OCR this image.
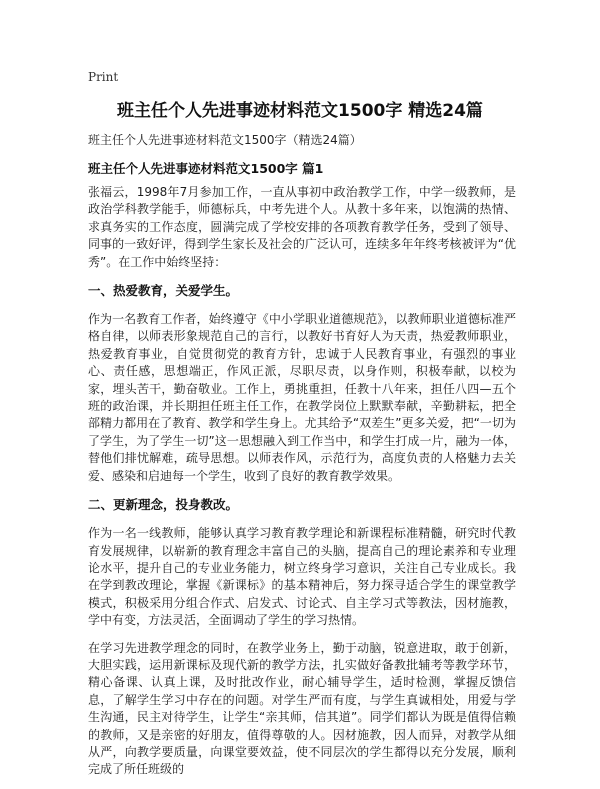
Print
班主任个人先进事迹材料范文1500字 精选24篇
班主任个人先进事迹材料范文1500字（精选24篇）
班主任个人先进事迹材料范文1500字 篇1

张福云，1998年7月参加工作，一直从事初中政治教学工作，中学一级教师，是政治学科教学能手，师德标兵，中考先进个人。从教十多年来，以饱满的热情、求真务实的工作态度，圆满完成了学校安排的各项教育教学任务，受到了领导、同事的一致好评，得到学生家长及社会的广泛认可，连续多年年终考核被评为“优秀”。在工作中始终坚持：

一、热爱教育，关爱学生。

作为一名教育工作者，始终遵守《中小学职业道德规范》，以教师职业道德标准严格自律，以师表形象规范自己的言行，以教好书育好人为天责，热爱教师职业，热爱教育事业，自觉贯彻党的教育方针，忠诚于人民教育事业，有强烈的事业心、责任感，思想端正，作风正派，尽职尽责，以身作则，积极奉献，以校为家，埋头苦干，勤奋敬业。工作上，勇挑重担，任教十八年来，担任八四—五个班的政治课，并长期担任班主任工作，在教学岗位上默默奉献，辛勤耕耘，把全部精力都用在了教育、教学和学生身上。尤其给予“双差生”更多关爱，把“一切为了学生，为了学生一切”这一思想融入到工作当中，和学生打成一片，融为一体，替他们排忧解难，疏导思想。以师表作风，示范行为，高度负责的人格魅力去关爱、感染和启迪每一个学生，收到了良好的教育教学效果。

二、更新理念，投身教改。

作为一名一线教师，能够认真学习教育教学理论和新课程标准精髓，研究时代教育发展规律，以崭新的教育理念丰富自己的头脑，提高自己的理论素养和专业理论水平，提升自己的专业业务能力，树立终身学习意识，关注自己专业成长。我在学到教改理论，掌握《新课标》的基本精神后，努力探寻适合学生的课堂教学模式，积极采用分组合作式、启发式、讨论式、自主学习式等教法，因材施教，学中有变，方法灵活，全面调动了学生的学习热情。

在学习先进教学理念的同时，在教学业务上，勤于动脑，锐意进取，敢于创新，大胆实践，运用新课标及现代新的教学方法，扎实做好备教批辅考等教学环节，精心备课、认真上课，及时批改作业，耐心辅导学生，适时检测，掌握反馈信息，了解学生学习中存在的问题。对学生严而有度，与学生真诚相处，用爱与学生沟通，民主对待学生，让学生“亲其师，信其道”。同学们都认为既是值得信赖的教师，又是亲密的好朋友，值得尊敬的人。因材施教，因人而异，对教学从细从严，向教学要质量，向课堂要效益，使不同层次的学生都得以充分发展，顺利完成了所任班级的
